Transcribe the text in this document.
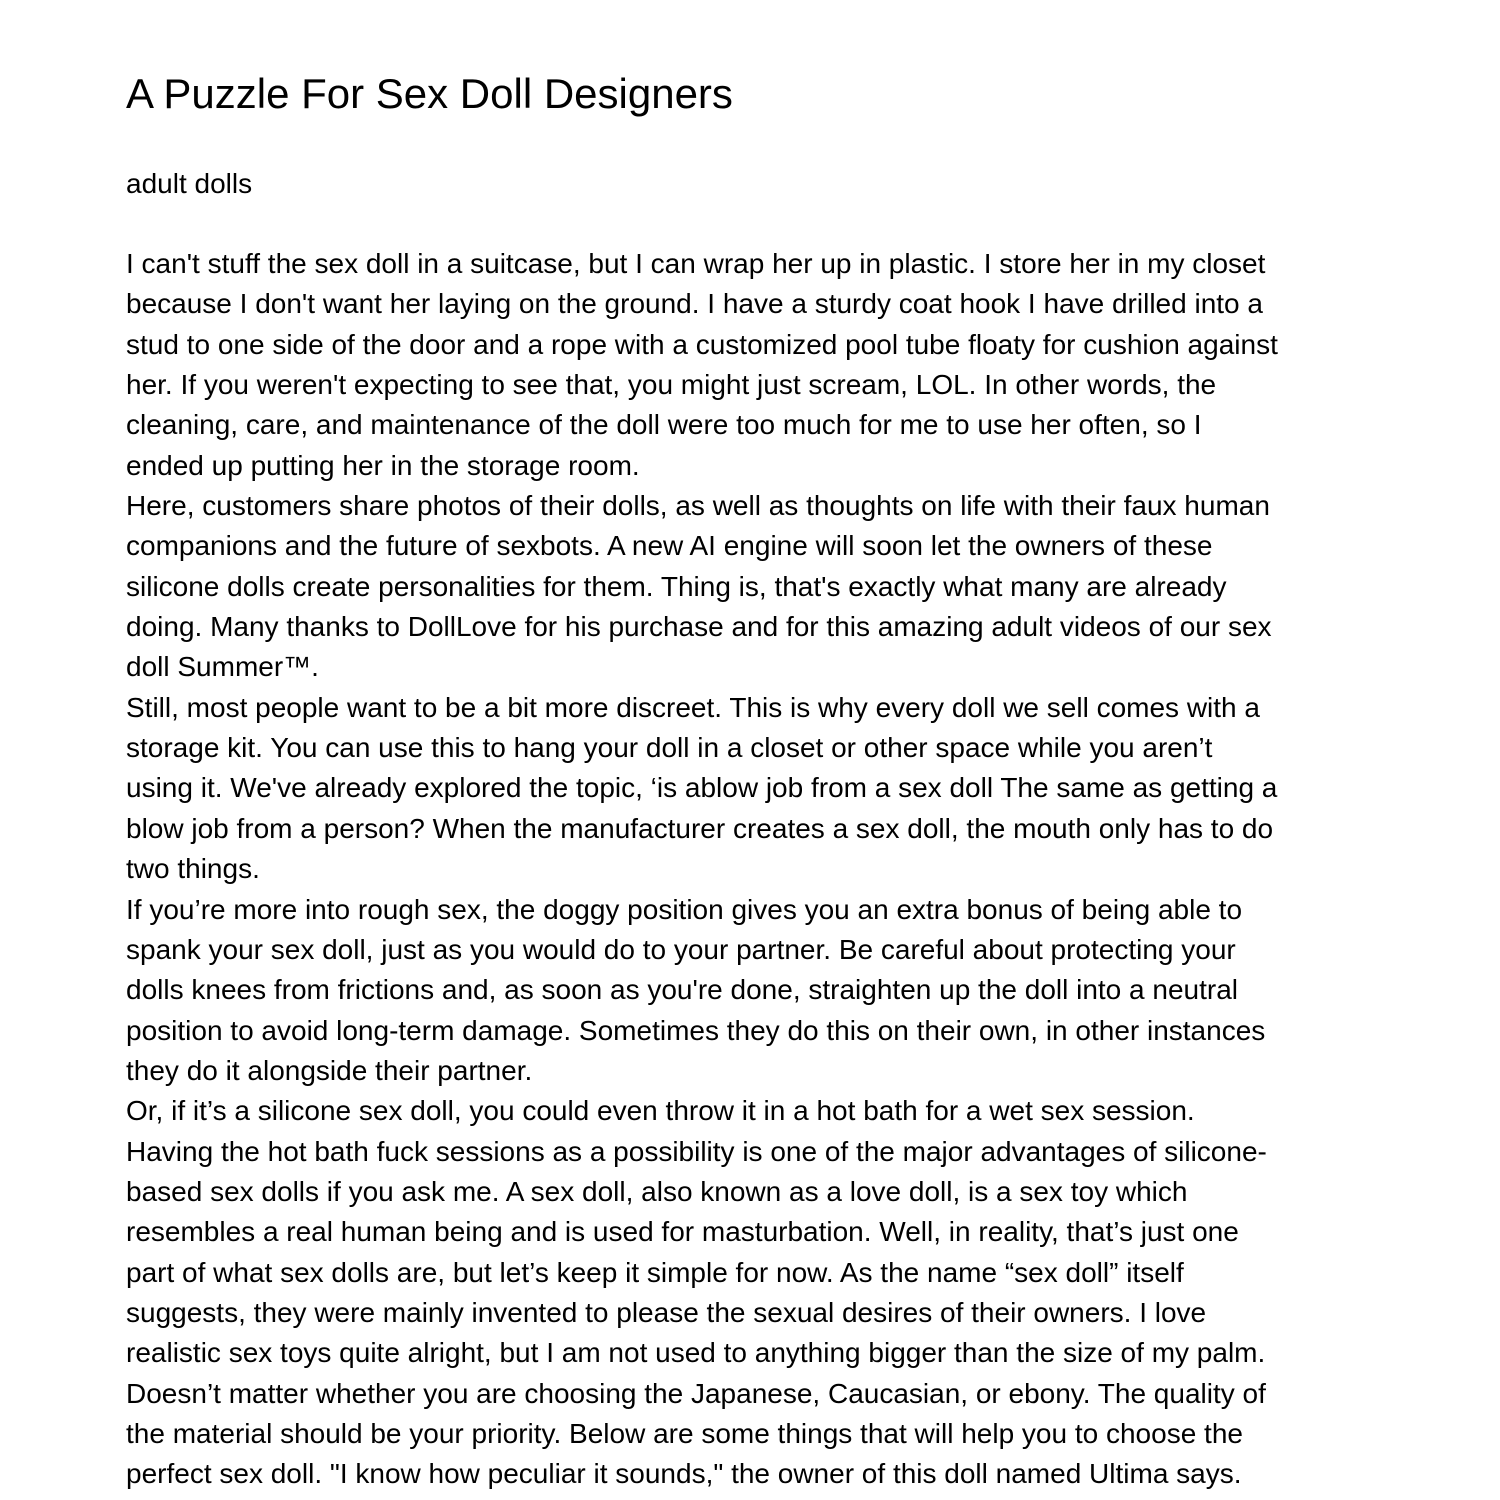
A Puzzle For Sex Doll Designers

adult dolls

I can't stuff the sex doll in a suitcase, but I can wrap her up in plastic. I store her in my closet
because I don't want her laying on the ground. I have a sturdy coat hook I have drilled into a
stud to one side of the door and a rope with a customized pool tube floaty for cushion against
her. If you weren't expecting to see that, you might just scream, LOL. In other words, the
cleaning, care, and maintenance of the doll were too much for me to use her often, so I
ended up putting her in the storage room.

Here, customers share photos of their dolls, as well as thoughts on life with their faux human
companions and the future of sexbots. A new AI engine will soon let the owners of these
silicone dolls create personalities for them. Thing is, that's exactly what many are already
doing. Many thanks to DollLove for his purchase and for this amazing adult videos of our sex
doll Summer™.

Still, most people want to be a bit more discreet. This is why every doll we sell comes with a
storage kit. You can use this to hang your doll in a closet or other space while you aren’t
using it. We've already explored the topic, ‘is ablow job from a sex doll The same as getting a
blow job from a person? When the manufacturer creates a sex doll, the mouth only has to do
two things.

If you’re more into rough sex, the doggy position gives you an extra bonus of being able to
spank your sex doll, just as you would do to your partner. Be careful about protecting your
dolls knees from frictions and, as soon as you're done, straighten up the doll into a neutral
position to avoid long-term damage. Sometimes they do this on their own, in other instances
they do it alongside their partner.

Or, if it’s a silicone sex doll, you could even throw it in a hot bath for a wet sex session.
Having the hot bath fuck sessions as a possibility is one of the major advantages of silicone-
based sex dolls if you ask me. A sex doll, also known as a love doll, is a sex toy which
resembles a real human being and is used for masturbation. Well, in reality, that’s just one
part of what sex dolls are, but let’s keep it simple for now. As the name “sex doll” itself
suggests, they were mainly invented to please the sexual desires of their owners. I love
realistic sex toys quite alright, but I am not used to anything bigger than the size of my palm.
Doesn’t matter whether you are choosing the Japanese, Caucasian, or ebony. The quality of
the material should be your priority. Below are some things that will help you to choose the
perfect sex doll. "I know how peculiar it sounds," the owner of this doll named Ultima says.
